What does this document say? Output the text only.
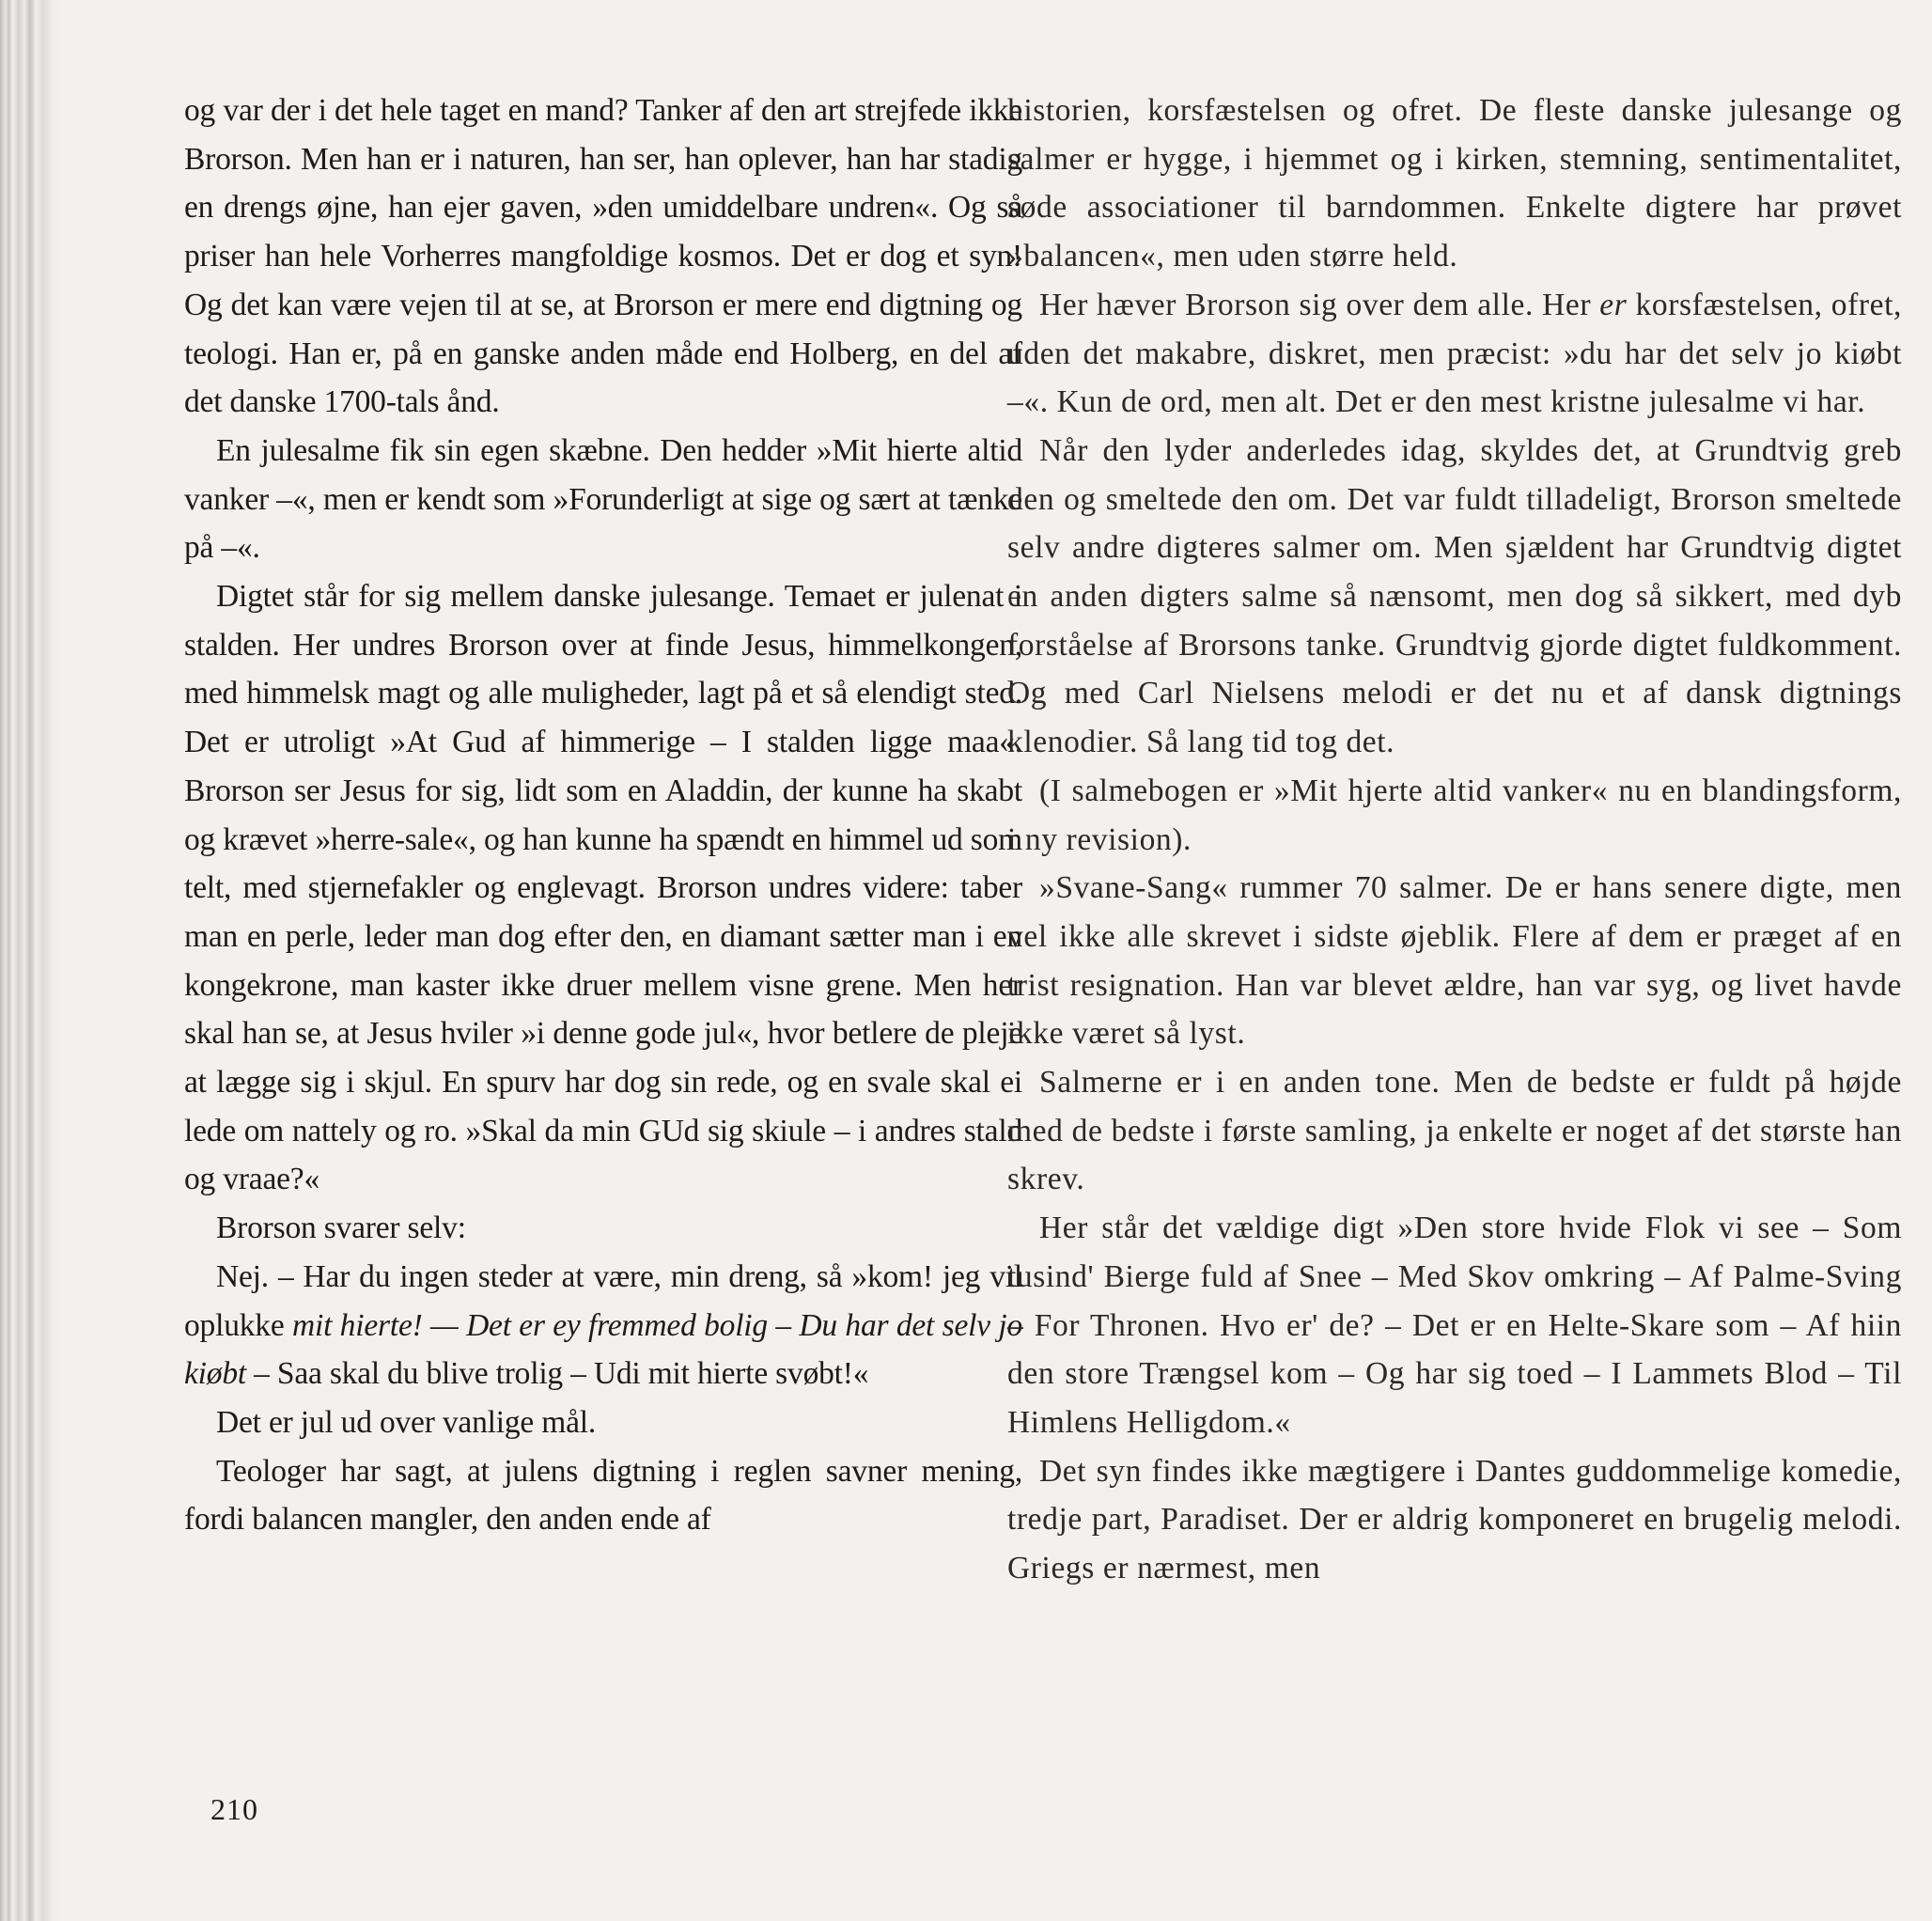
og var der i det hele taget en mand? Tanker af den art strejfede ikke Brorson. Men han er i naturen, han ser, han oplever, han har stadig en drengs øjne, han ejer gaven, »den umiddelbare undren«. Og så priser han hele Vorherres mangfoldige kosmos. Det er dog et syn! Og det kan være vejen til at se, at Brorson er mere end digtning og teologi. Han er, på en ganske anden måde end Holberg, en del af det danske 1700-tals ånd.

En julesalme fik sin egen skæbne. Den hedder »Mit hierte altid vanker –«, men er kendt som »Forunderligt at sige og sært at tænke på –«.

Digtet står for sig mellem danske julesange. Temaet er julenat i stalden. Her undres Brorson over at finde Jesus, himmelkongen, med himmelsk magt og alle muligheder, lagt på et så elendigt sted. Det er utroligt »At Gud af himmerige – I stalden ligge maa«. Brorson ser Jesus for sig, lidt som en Aladdin, der kunne ha skabt og krævet »herre-sale«, og han kunne ha spændt en himmel ud som telt, med stjernefakler og englevagt. Brorson undres videre: taber man en perle, leder man dog efter den, en diamant sætter man i en kongekrone, man kaster ikke druer mellem visne grene. Men her skal han se, at Jesus hviler »i denne gode jul«, hvor betlere de pleje at lægge sig i skjul. En spurv har dog sin rede, og en svale skal ei lede om nattely og ro. »Skal da min GUd sig skiule – i andres stald og vraae?«

Brorson svarer selv:

Nej. – Har du ingen steder at være, min dreng, så »kom! jeg vil oplukke mit hierte! — Det er ey fremmed bolig – Du har det selv jo kiøbt – Saa skal du blive trolig – Udi mit hierte svøbt!«

Det er jul ud over vanlige mål.

Teologer har sagt, at julens digtning i reglen savner mening, fordi balancen mangler, den anden ende af

historien, korsfæstelsen og ofret. De fleste danske julesange og salmer er hygge, i hjemmet og i kirken, stemning, sentimentalitet, søde associationer til barndommen. Enkelte digtere har prøvet »balancen«, men uden større held.

Her hæver Brorson sig over dem alle. Her er korsfæstelsen, ofret, uden det makabre, diskret, men præcist: »du har det selv jo kiøbt –«. Kun de ord, men alt. Det er den mest kristne julesalme vi har.

Når den lyder anderledes idag, skyldes det, at Grundtvig greb den og smeltede den om. Det var fuldt tilladeligt, Brorson smeltede selv andre digteres salmer om. Men sjældent har Grundtvig digtet en anden digters salme så nænsomt, men dog så sikkert, med dyb forståelse af Brorsons tanke. Grundtvig gjorde digtet fuldkomment. Og med Carl Nielsens melodi er det nu et af dansk digtnings klenodier. Så lang tid tog det.

(I salmebogen er »Mit hjerte altid vanker« nu en blandingsform, i ny revision).

»Svane-Sang« rummer 70 salmer. De er hans senere digte, men vel ikke alle skrevet i sidste øjeblik. Flere af dem er præget af en trist resignation. Han var blevet ældre, han var syg, og livet havde ikke været så lyst.

Salmerne er i en anden tone. Men de bedste er fuldt på højde med de bedste i første samling, ja enkelte er noget af det største han skrev.

Her står det vældige digt »Den store hvide Flok vi see – Som tusind' Bierge fuld af Snee – Med Skov omkring – Af Palme-Sving – For Thronen. Hvo er' de? – Det er en Helte-Skare som – Af hiin den store Trængsel kom – Og har sig toed – I Lammets Blod – Til Himlens Helligdom.«

Det syn findes ikke mægtigere i Dantes guddommelige komedie, tredje part, Paradiset. Der er aldrig komponeret en brugelig melodi. Griegs er nærmest, men

210
